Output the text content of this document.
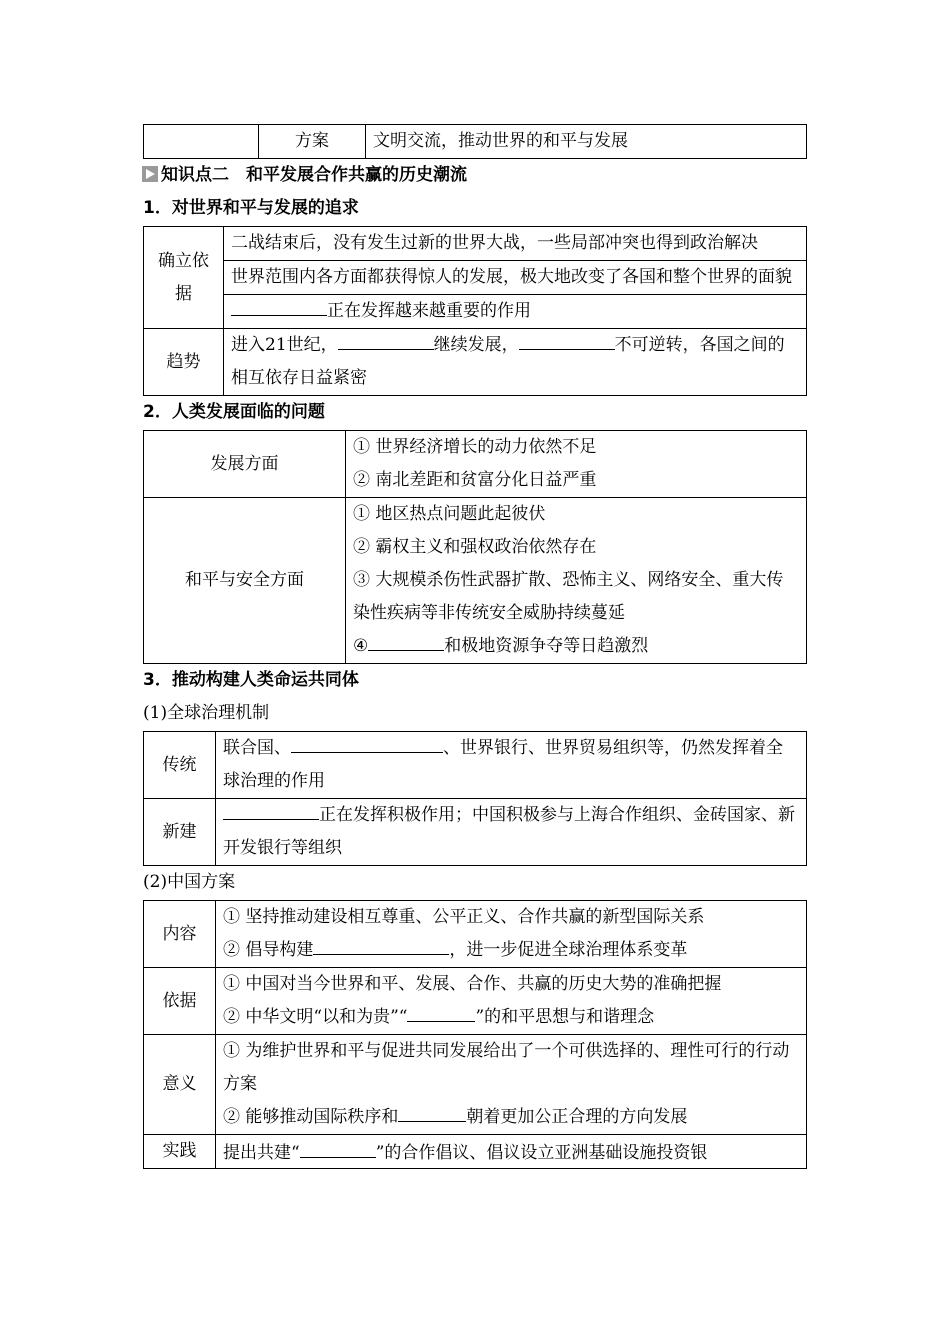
	方案	文明交流，推动世界的和平与发展
知识点二　和平发展合作共赢的历史潮流
1．对世界和平与发展的追求
确立依据	二战结束后，没有发生过新的世界大战，一些局部冲突也得到政治解决
	世界范围内各方面都获得惊人的发展，极大地改变了各国和整个世界的面貌
	正在发挥越来越重要的作用
趋势	进入21世纪， 继续发展， 不可逆转，各国之间的相互依存日益紧密
2．人类发展面临的问题
发展方面	① 世界经济增长的动力依然不足
② 南北差距和贫富分化日益严重

和平与安全方面	① 地区热点问题此起彼伏
② 霸权主义和强权政治依然存在
③ 大规模杀伤性武器扩散、恐怖主义、网络安全、重大传染性疾病等非传统安全威胁持续蔓延
④ 和极地资源争夺等日趋激烈
3．推动构建人类命运共同体
(1)全球治理机制
传统	联合国、 、世界银行、世界贸易组织等，仍然发挥着全球治理的作用
新建	正在发挥积极作用；中国积极参与上海合作组织、金砖国家、新开发银行等组织
(2)中国方案
内容	① 坚持推动建设相互尊重、公平正义、合作共赢的新型国际关系
② 倡导构建 ，进一步促进全球治理体系变革

依据	① 中国对当今世界和平、发展、合作、共赢的历史大势的准确把握
② 中华文明“以和为贵”“ ”的和平思想与和谐理念

意义	① 为维护世界和平与促进共同发展给出了一个可供选择的、理性可行的行动方案
② 能够推动国际秩序和 朝着更加公正合理的方向发展

实践	提出共建“ ”的合作倡议、倡议设立亚洲基础设施投资银
